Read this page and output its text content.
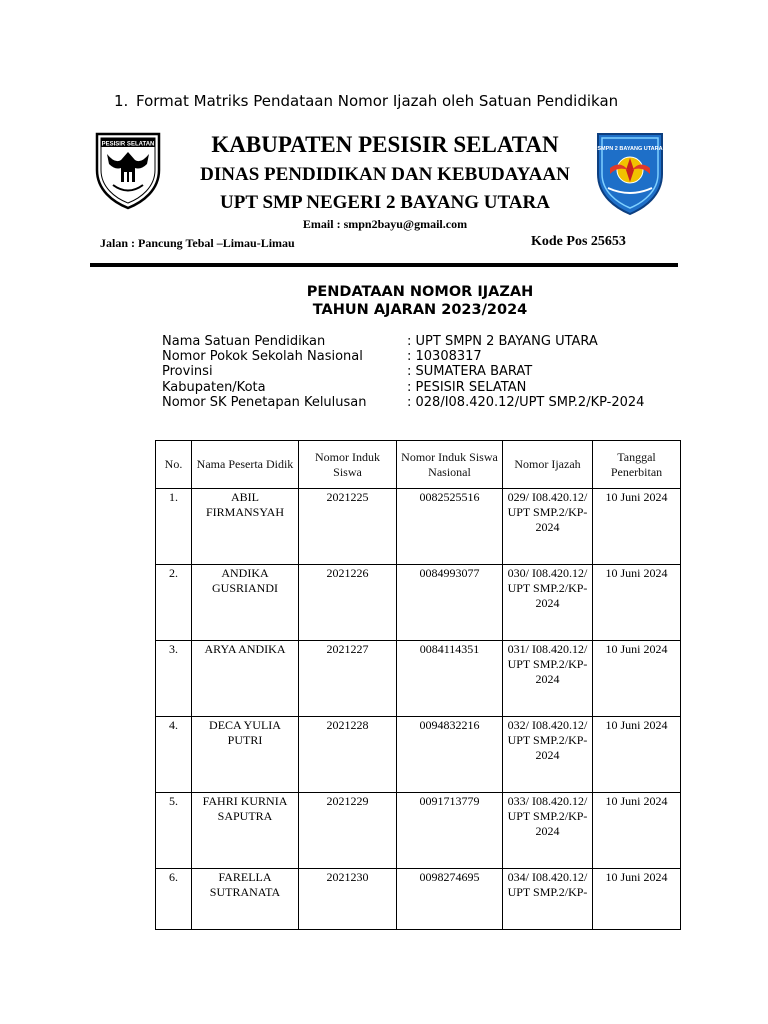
1. Format Matriks Pendataan Nomor Ijazah oleh Satuan Pendidikan
PESISIR SELATAN
SMPN 2 BAYANG UTARA
KABUPATEN PESISIR SELATAN
DINAS PENDIDIKAN DAN KEBUDAYAAN
UPT SMP NEGERI 2 BAYANG UTARA
Email : smpn2bayu@gmail.com
Jalan : Pancung Tebal –Limau-Limau	Kode Pos 25653
PENDATAAN NOMOR IJAZAH
TAHUN AJARAN 2023/2024
Nama Satuan Pendidikan	: UPT SMPN 2 BAYANG UTARA
Nomor Pokok Sekolah Nasional	: 10308317
Provinsi	: SUMATERA BARAT
Kabupaten/Kota	: PESISIR SELATAN
Nomor SK Penetapan Kelulusan	: 028/I08.420.12/UPT SMP.2/KP-2024
No.	Nama Peserta Didik	Nomor Induk Siswa	Nomor Induk Siswa Nasional	Nomor Ijazah	Tanggal Penerbitan
1.	ABIL FIRMANSYAH	2021225	0082525516	029/ I08.420.12/ UPT SMP.2/KP-2024	10 Juni 2024
2.	ANDIKA GUSRIANDI	2021226	0084993077	030/ I08.420.12/ UPT SMP.2/KP-2024	10 Juni 2024
3.	ARYA ANDIKA	2021227	0084114351	031/ I08.420.12/ UPT SMP.2/KP-2024	10 Juni 2024
4.	DECA YULIA PUTRI	2021228	0094832216	032/ I08.420.12/ UPT SMP.2/KP-2024	10 Juni 2024
5.	FAHRI KURNIA SAPUTRA	2021229	0091713779	033/ I08.420.12/ UPT SMP.2/KP-2024	10 Juni 2024
6.	FARELLA SUTRANATA	2021230	0098274695	034/ I08.420.12/ UPT SMP.2/KP-	10 Juni 2024
